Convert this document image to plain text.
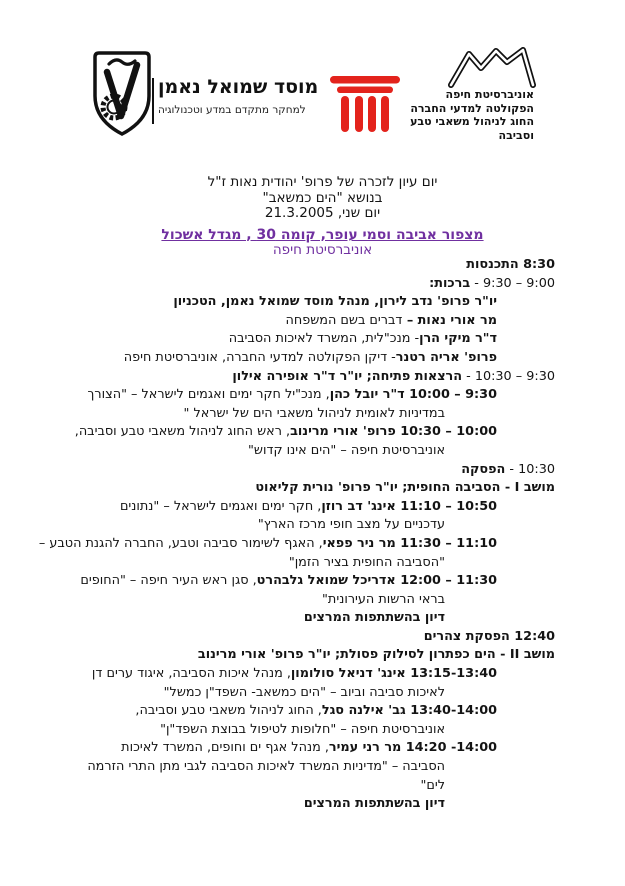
מוסד שמואל נאמן
למחקר מתקדם במדע וטכנולוגיה
אוניברסיטת חיפה
הפקולטה למדעי החברה
החוג לניהול משאבי טבע
וסביבה
יום עיון לזכרה של פרופ' יהודית נאות ז"ל
בנושא "הים כמשאב"
יום שני, 21.3.2005
מצפור אביבה וסמי עופר, קומה 30 , מגדל אשכול
אוניברסיטת חיפה
8:30 התכנסות
9:00 – 9:30 - ברכות:
יו"ר פרופ' נדב לירון, מנהל מוסד שמואל נאמן, הטכניון
מר אורי נאות – דברים בשם המשפחה
ד"ר מיקי הרן- מנכ"לית, המשרד לאיכות הסביבה
פרופ' אריה רטנר- דיקן הפקולטה למדעי החברה, אוניברסיטת חיפה
9:30 – 10:30 - הרצאות פתיחה; יו"ר ד"ר אופירה אילון
9:30 – 10:00 ד"ר יובל כהן, מנכ"יל חקר ימים ואגמים לישראל – "הצורך
במדיניות לאומית לניהול משאבי הים של ישראל "
10:00 – 10:30 פרופ' אורי מרינוב, ראש החוג לניהול משאבי טבע וסביבה,
אוניברסיטת חיפה – "הים אינו קדוש"
10:30 - הפסקה
מושב I - הסביבה החופית; יו"ר פרופ' נורית קליאוט
10:50 – 11:10 אינג' דב רוזן, חקר ימים ואגמים לישראל – "נתונים
עדכניים על מצב חופי מרכז הארץ"
11:10 – 11:30 מר ניר פפאי, האגף לשימור סביבה וטבע, החברה להגנת הטבע –
"הסביבה החופית בציר הזמן"
11:30 – 12:00 אדריכל שמואל גלבהרט, סגן ראש העיר חיפה – "החופים
בראי הרשות העירונית"
דיון בהשתתפות המרצים
12:40 הפסקת צהרים
מושב II - הים כפתרון לסילוק פסולת; יו"ר פרופ' אורי מרינוב
13:15-13:40 אינג' דניאל סולומון, מנהל איכות הסביבה, איגוד ערים דן
לאיכות סביבה וביוב – "הים כמשאב- השפד"ן כמשל"
13:40-14:00 גב' אילנה סגל, החוג לניהול משאבי טבע וסביבה,
אוניברסיטת חיפה – "חלופות לטיפול בבוצת השפד"ן"
14:00- 14:20 מר רני עמיר, מנהל אגף ים וחופים, המשרד לאיכות
הסביבה – "מדיניות המשרד לאיכות הסביבה לגבי מתן התרי הזרמה
לים"
דיון בהשתתפות המרצים
